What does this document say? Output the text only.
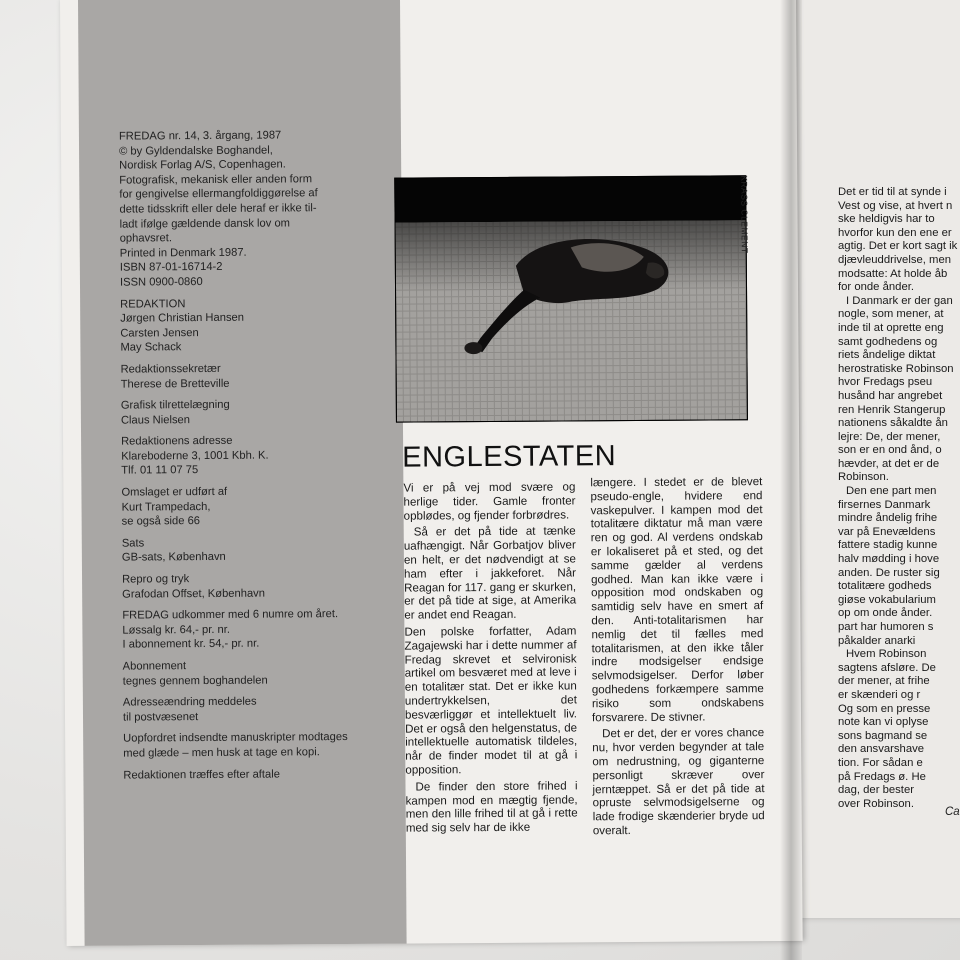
Det er tid til at synde i
Vest og vise, at hvert n
ske heldigvis har to
hvorfor kun den ene er
agtig. Det er kort sagt ik
djævleuddrivelse, men
modsatte: At holde åb
for onde ånder.
I Danmark er der gan
nogle, som mener, at
inde til at oprette eng
samt godhedens og
riets åndelige diktat
herostratiske Robinson
hvor Fredags pseu
husånd har angrebet
ren Henrik Stangerup
nationens såkaldte ån
lejre: De, der mener,
son er en ond ånd, o
hævder, at det er de
Robinson.
Den ene part men
firsernes Danmark
mindre åndelig frihe
var på Enevældens
fattere stadig kunne
halv mødding i hove
anden. De ruster sig
totalitære godheds
giøse vokabularium
op om onde ånder.
part har humoren s
påkalder anarki
Hvem Robinson
sagtens afslørе. De
der mener, at frihe
er skænderi og r
Og som en presse
note kan vi oplyse
sons bagmand se
den ansvarshave
tion. For sådan e
på Fredags ø. He
dag, der bester
over Robinson.
Ca
FREDAG nr. 14, 3. årgang, 1987
© by Gyldendalske Boghandel,
Nordisk Forlag A/S, Copenhagen.
Fotografisk, mekanisk eller anden form
for gengivelse ellermangfoldiggørelse af
dette tidsskrift eller dele heraf er ikke til-
ladt ifølge gældende dansk lov om
ophavsret.
Printed in Denmark 1987.
ISBN 87-01-16714-2
ISSN 0900-0860
REDAKTION
Jørgen Christian Hansen
Carsten Jensen
May Schack
Redaktionssekretær
Therese de Bretteville
Grafisk tilrettelægning
Claus Nielsen
Redaktionens adresse
Klareboderne 3, 1001 Kbh. K.
Tlf. 01 11 07 75
Omslaget er udført af
Kurt Trampedach,
se også side 66
Sats
GB-sats, København
Repro og tryk
Grafodan Offset, København
FREDAG udkommer med 6 numre om året.
Løssalg kr. 64,- pr. nr.
I abonnement kr. 54,- pr. nr.
Abonnement
tegnes gennem boghandelen
Adresseændring meddeles
til postvæsenet
Uopfordret indsendte manuskripter modtages med glæde – men husk at tage en kopi.
Redaktionen træffes efter aftale
KRASS CLEMENT
ENGLESTATEN

Vi er på vej mod svære og herlige tider. Gamle fronter opblødes, og fjender forbrødres.

Så er det på tide at tænke uafhængigt. Når Gorbatjov bliver en helt, er det nødvendigt at se ham efter i jakkeforet. Når Reagan for 117. gang er skurken, er det på tide at sige, at Amerika er andet end Reagan.

Den polske forfatter, Adam Zagajewski har i dette nummer af Fredag skrevet et selvironisk artikel om besværet med at leve i en totalitær stat. Det er ikke kun undertrykkelsen, det besværliggør et intellektuelt liv. Det er også den helgenstatus, de intellektuelle automatisk tildeles, når de finder modet til at gå i opposition.

De finder den store frihed i kampen mod en mægtig fjende, men den lille frihed til at gå i rette med sig selv har de ikke

længere. I stedet er de blevet pseudo-engle, hvidere end vaskepulver. I kampen mod det totalitære diktatur må man være ren og god. Al verdens ondskab er lokaliseret på et sted, og det samme gælder al verdens godhed. Man kan ikke være i opposition mod ondskaben og samtidig selv have en smert af den. Anti-totalitarismen har nemlig det til fælles med totalitarismen, at den ikke tåler indre modsigelser endsige selvmodsigelser. Derfor løber godhedens forkæmpere samme risiko som ondskabens forsvarere. De stivner.

Det er det, der er vores chance nu, hvor verden begynder at tale om nedrustning, og giganterne personligt skræver over jerntæppet. Så er det på tide at opruste selvmodsigelserne og lade frodige skænderier bryde ud overalt.
